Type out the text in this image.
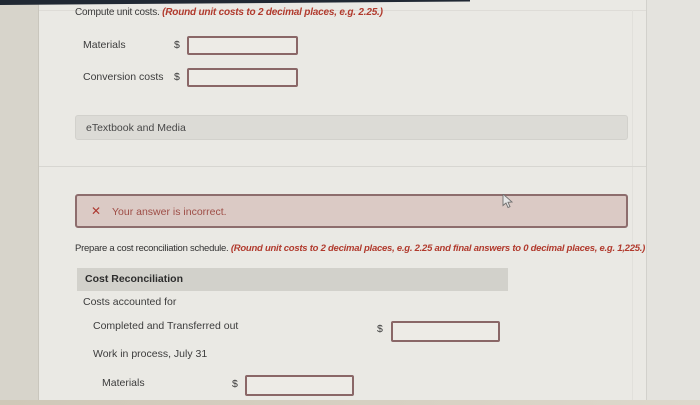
Compute unit costs. (Round unit costs to 2 decimal places, e.g. 2.25.)
Materials	$
Conversion costs $
eTextbook and Media
✕ Your answer is incorrect.
Prepare a cost reconciliation schedule. (Round unit costs to 2 decimal places, e.g. 2.25 and final answers to 0 decimal places, e.g. 1,225.)
Cost Reconciliation
Costs accounted for
Completed and Transferred out	$
Work in process, July 31
Materials	$
